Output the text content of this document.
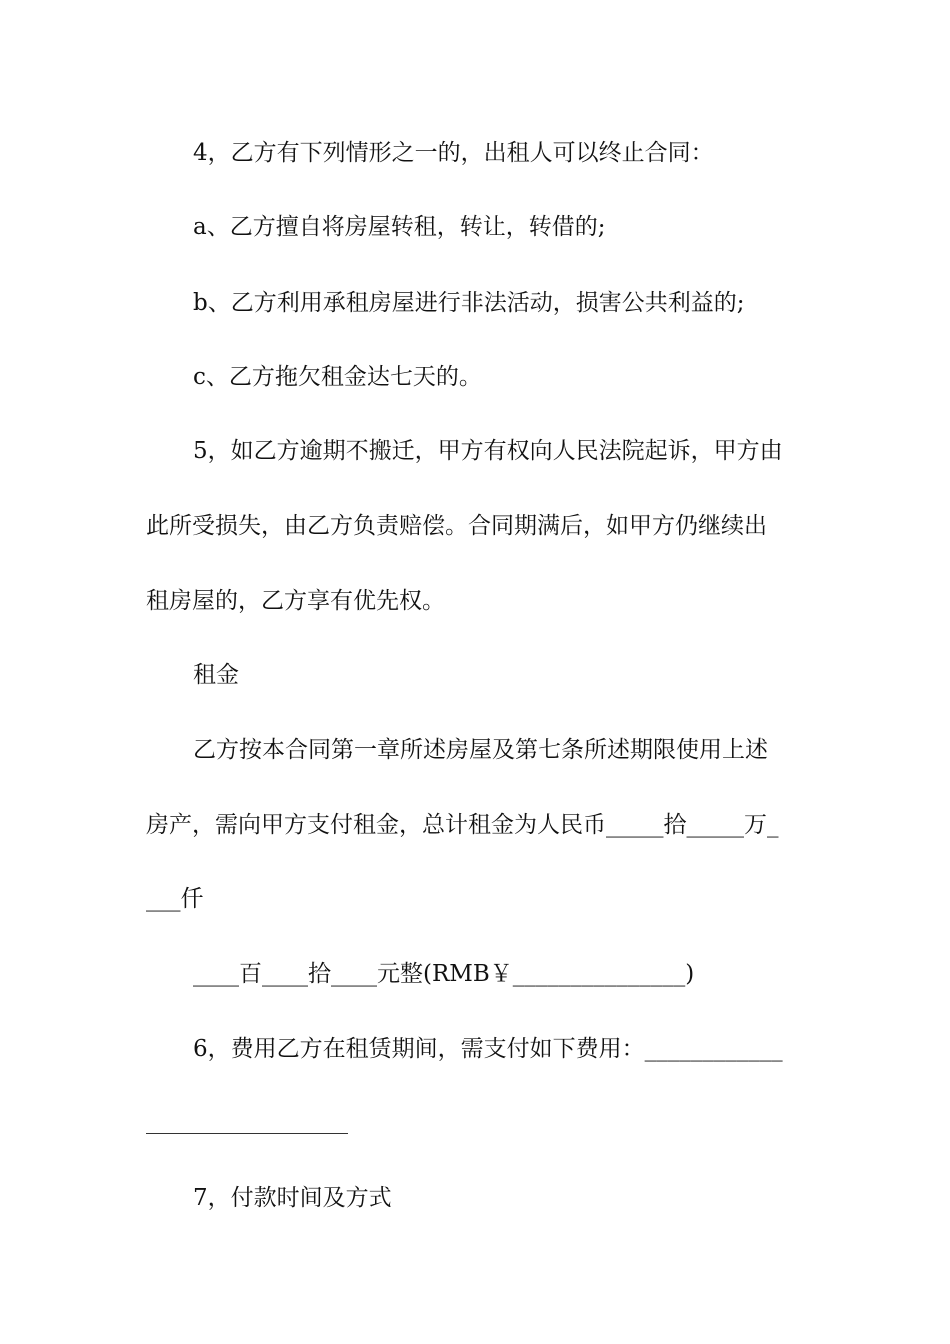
4，乙方有下列情形之一的，出租人可以终止合同：

a、乙方擅自将房屋转租，转让，转借的;

b、乙方利用承租房屋进行非法活动，损害公共利益的;

c、乙方拖欠租金达七天的。

5，如乙方逾期不搬迁，甲方有权向人民法院起诉，甲方由

此所受损失，由乙方负责赔偿。合同期满后，如甲方仍继续出

租房屋的，乙方享有优先权。

租金

乙方按本合同第一章所述房屋及第七条所述期限使用上述

房产，需向甲方支付租金，总计租金为人民币_____拾_____万_

___仟

____百____拾____元整(RMB￥_______________)

6，费用乙方在租赁期间，需支付如下费用：____________

7，付款时间及方式
